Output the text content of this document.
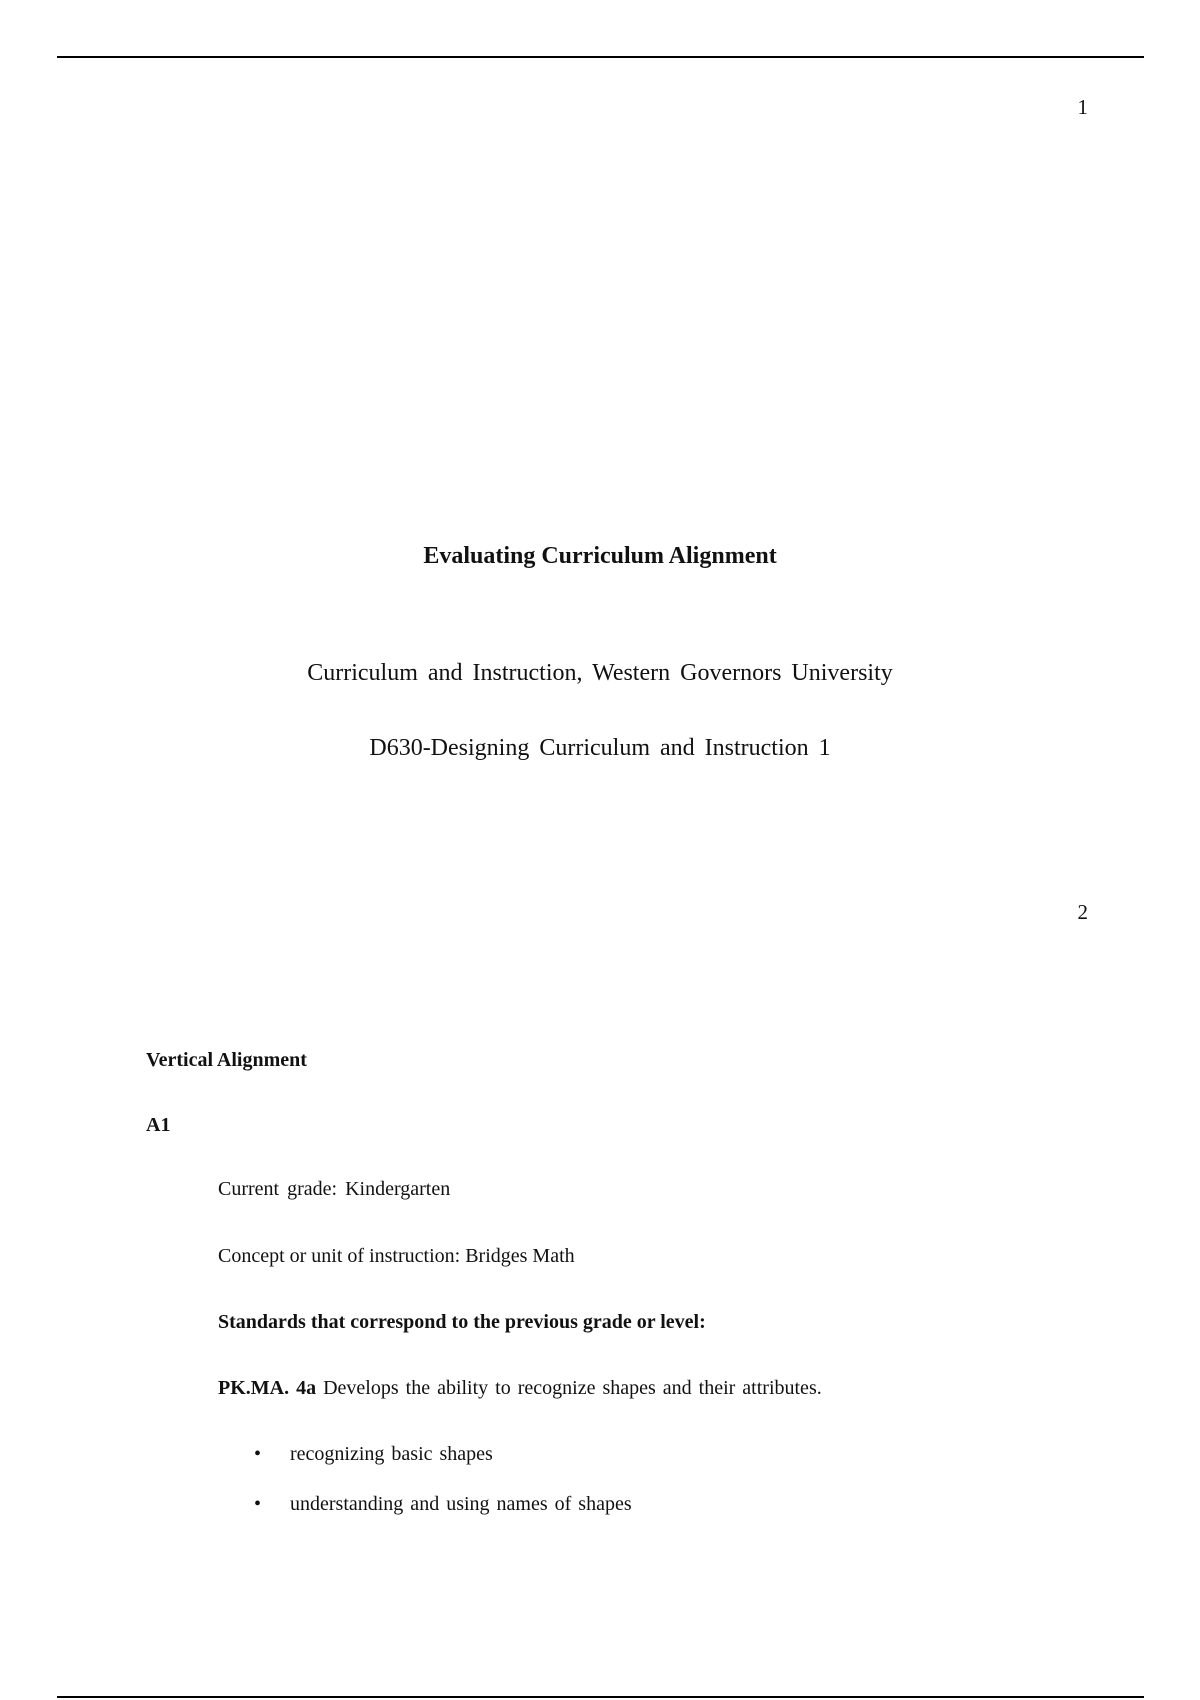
1
Evaluating Curriculum Alignment
Curriculum and Instruction, Western Governors University
D630-Designing Curriculum and Instruction 1
2
Vertical Alignment
A1
Current grade: Kindergarten
Concept or unit of instruction: Bridges Math
Standards that correspond to the previous grade or level:
PK.MA. 4a Develops the ability to recognize shapes and their attributes.
• recognizing basic shapes
• understanding and using names of shapes
